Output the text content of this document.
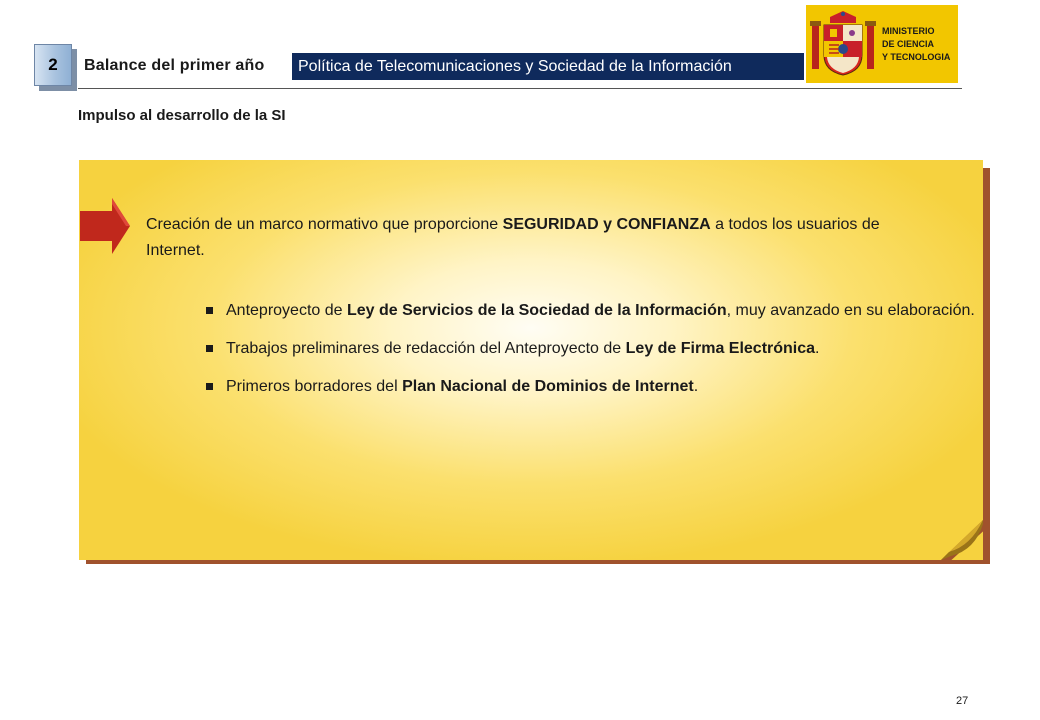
2	Balance del primer año Política de Telecomunicaciones y Sociedad de la Información
MINISTERIO
DE CIENCIA
Y TECNOLOGIA
Impulso al desarrollo de la SI
Creación de un marco normativo que proporcione SEGURIDAD y CONFIANZA a todos los usuarios de Internet.
Anteproyecto de Ley de Servicios de la Sociedad de la Información, muy avanzado en su elaboración.
Trabajos preliminares de redacción del Anteproyecto de Ley de Firma Electrónica.
Primeros borradores del Plan Nacional de Dominios de Internet.
27
